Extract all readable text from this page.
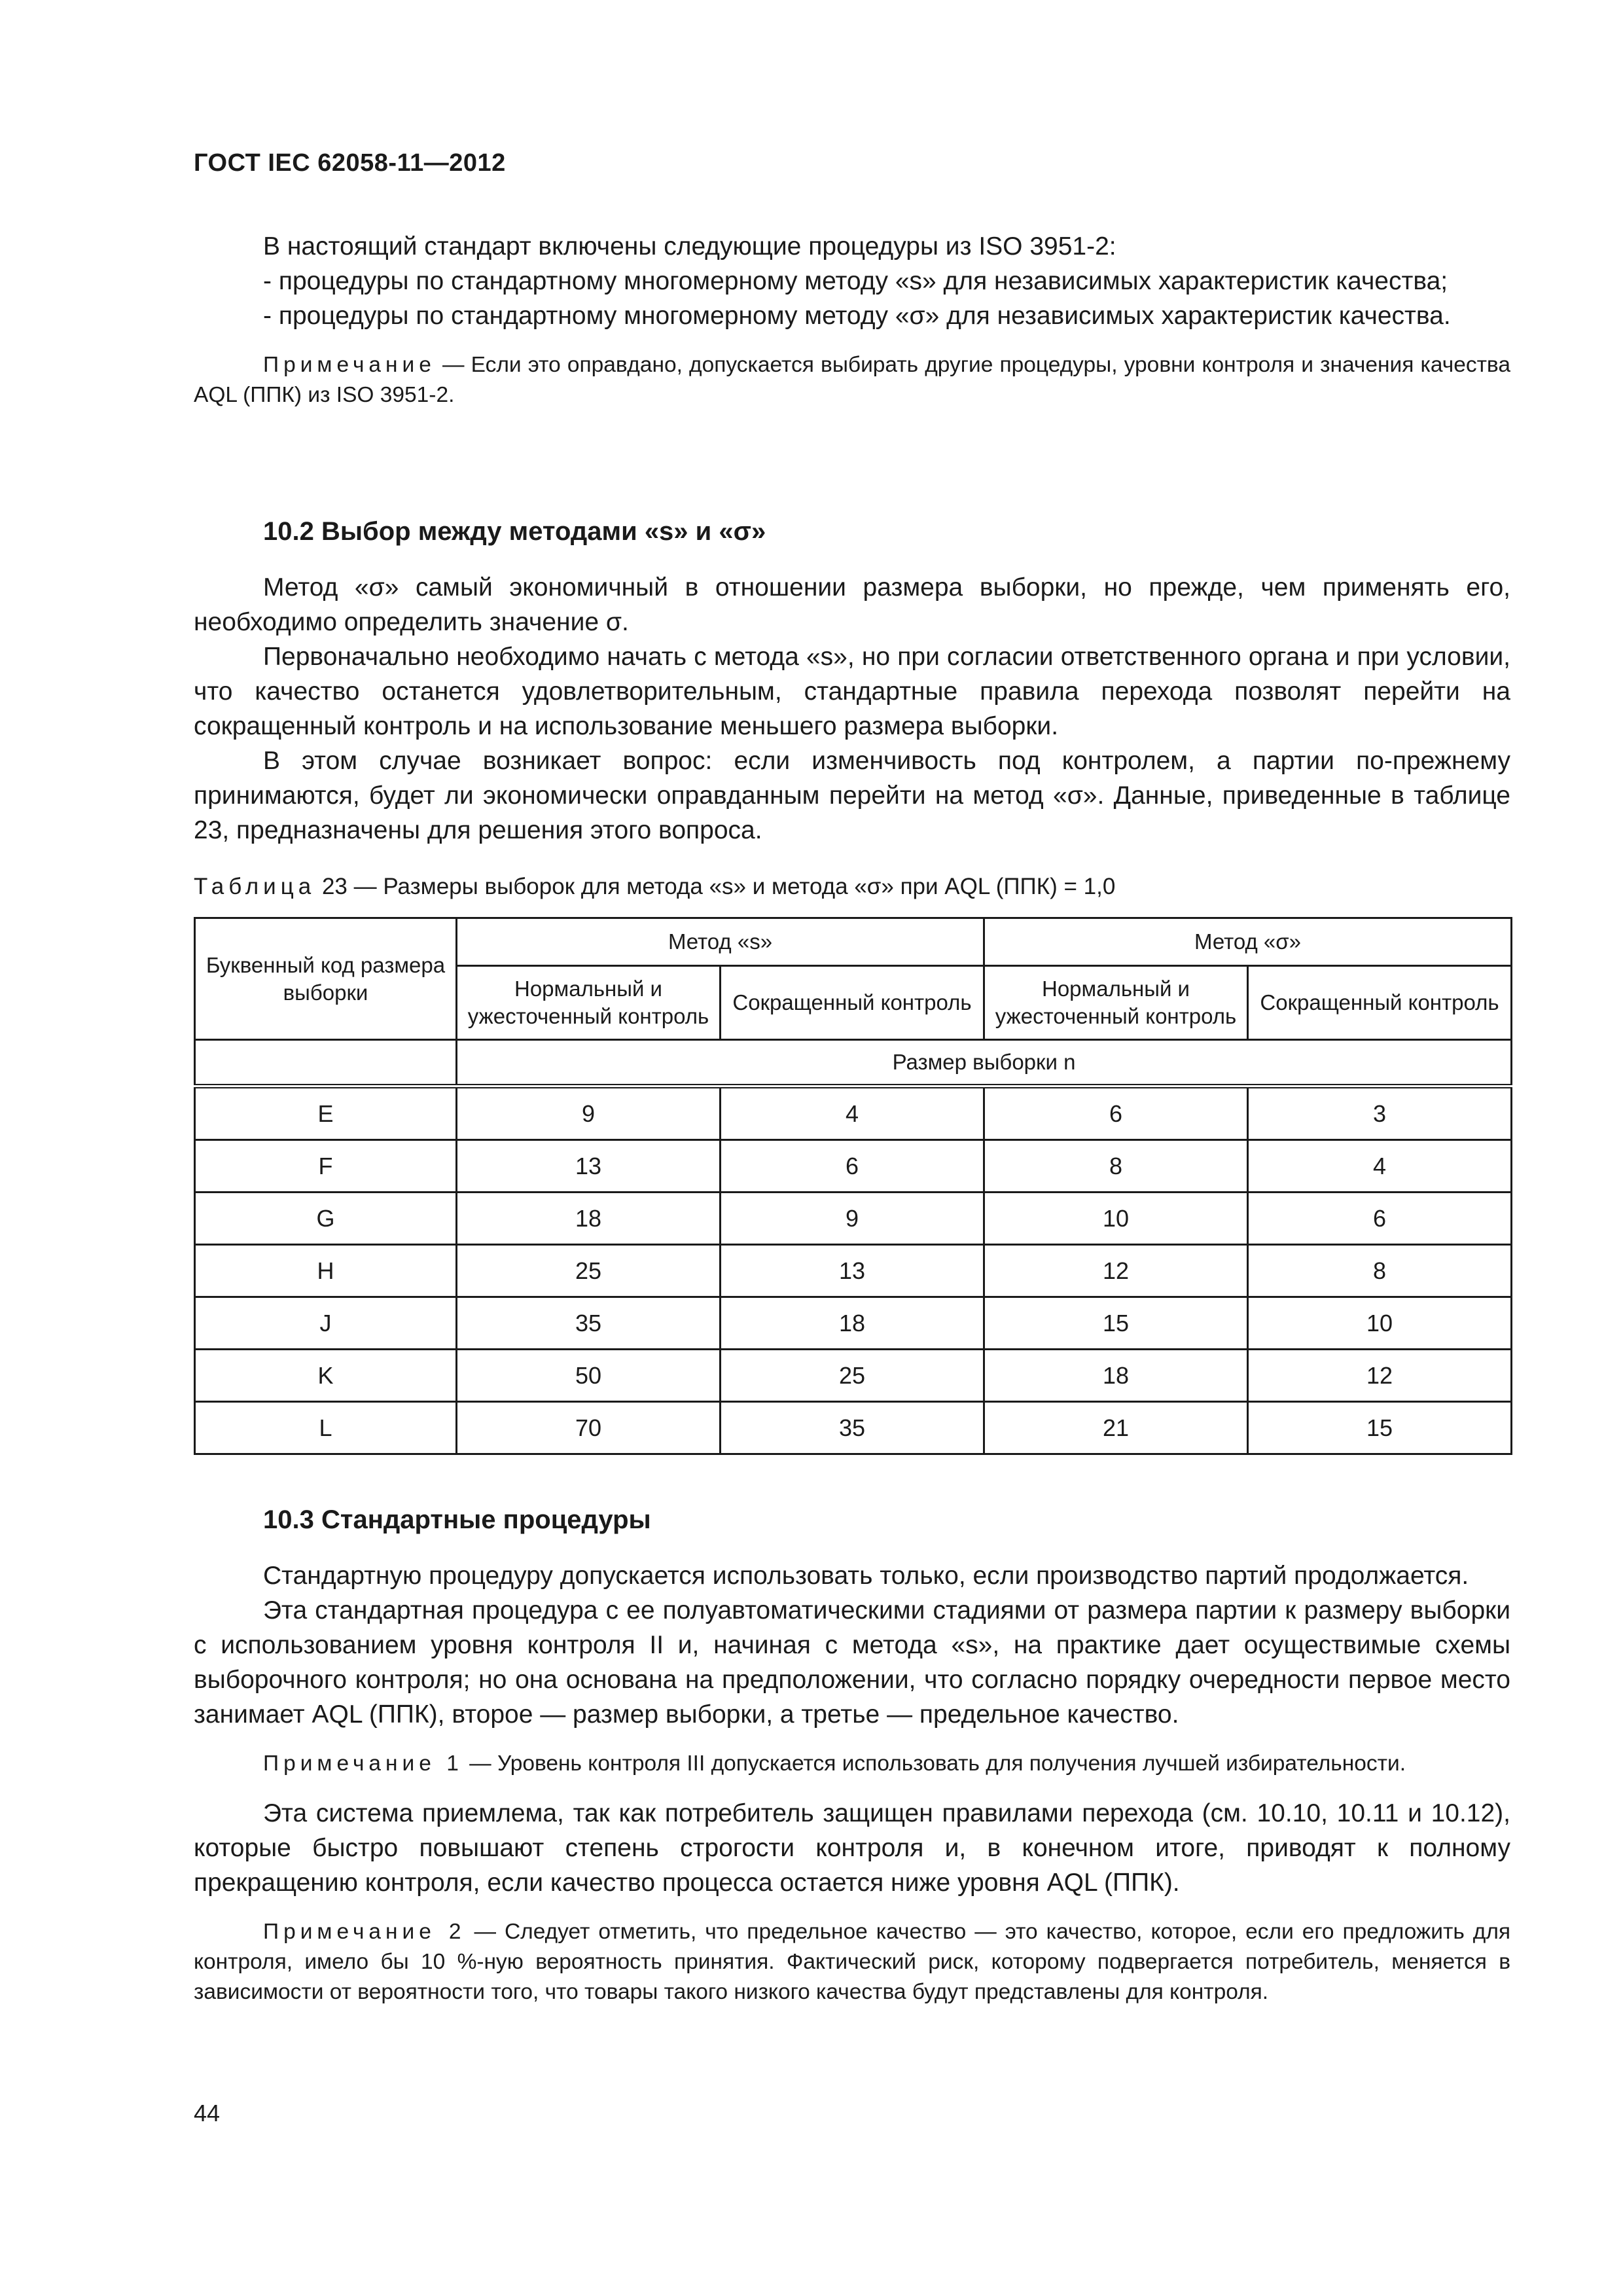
ГОСТ IEC 62058-11—2012

В настоящий стандарт включены следующие процедуры из ISO 3951-2:

- процедуры по стандартному многомерному методу «s» для независимых характеристик качества;

- процедуры по стандартному многомерному методу «σ» для независимых характеристик качества.

Примечание — Если это оправдано, допускается выбирать другие процедуры, уровни контроля и значения качества AQL (ППК) из ISO 3951-2.

10.2 Выбор между методами «s» и «σ»

Метод «σ» самый экономичный в отношении размера выборки, но прежде, чем применять его, необходимо определить значение σ.

Первоначально необходимо начать с метода «s», но при согласии ответственного органа и при условии, что качество останется удовлетворительным, стандартные правила перехода позволят перейти на сокращенный контроль и на использование меньшего размера выборки.

В этом случае возникает вопрос: если изменчивость под контролем, а партии по-прежнему принимаются, будет ли экономически оправданным перейти на метод «σ». Данные, приведенные в таблице 23, предназначены для решения этого вопроса.

Таблица 23 — Размеры выборок для метода «s» и метода «σ» при AQL (ППК) = 1,0
Буквенный код размера выборки	Метод «s»		Метод «σ»	
	Нормальный и ужесточенный контроль	Сокращенный контроль	Нормальный и ужесточенный контроль	Сокращенный контроль
	Размер выборки n			
E	9	4	6	3
F	13	6	8	4
G	18	9	10	6
H	25	13	12	8
J	35	18	15	10
K	50	25	18	12
L	70	35	21	15
10.3 Стандартные процедуры

Стандартную процедуру допускается использовать только, если производство партий продолжается.

Эта стандартная процедура с ее полуавтоматическими стадиями от размера партии к размеру выборки с использованием уровня контроля II и, начиная с метода «s», на практике дает осуществимые схемы выборочного контроля; но она основана на предположении, что согласно порядку очередности первое место занимает AQL (ППК), второе — размер выборки, а третье — предельное качество.

Примечание 1 — Уровень контроля III допускается использовать для получения лучшей избирательности.

Эта система приемлема, так как потребитель защищен правилами перехода (см. 10.10, 10.11 и 10.12), которые быстро повышают степень строгости контроля и, в конечном итоге, приводят к полному прекращению контроля, если качество процесса остается ниже уровня AQL (ППК).

Примечание 2 — Следует отметить, что предельное качество — это качество, которое, если его предложить для контроля, имело бы 10 %-ную вероятность принятия. Фактический риск, которому подвергается потребитель, меняется в зависимости от вероятности того, что товары такого низкого качества будут представлены для контроля.

44
